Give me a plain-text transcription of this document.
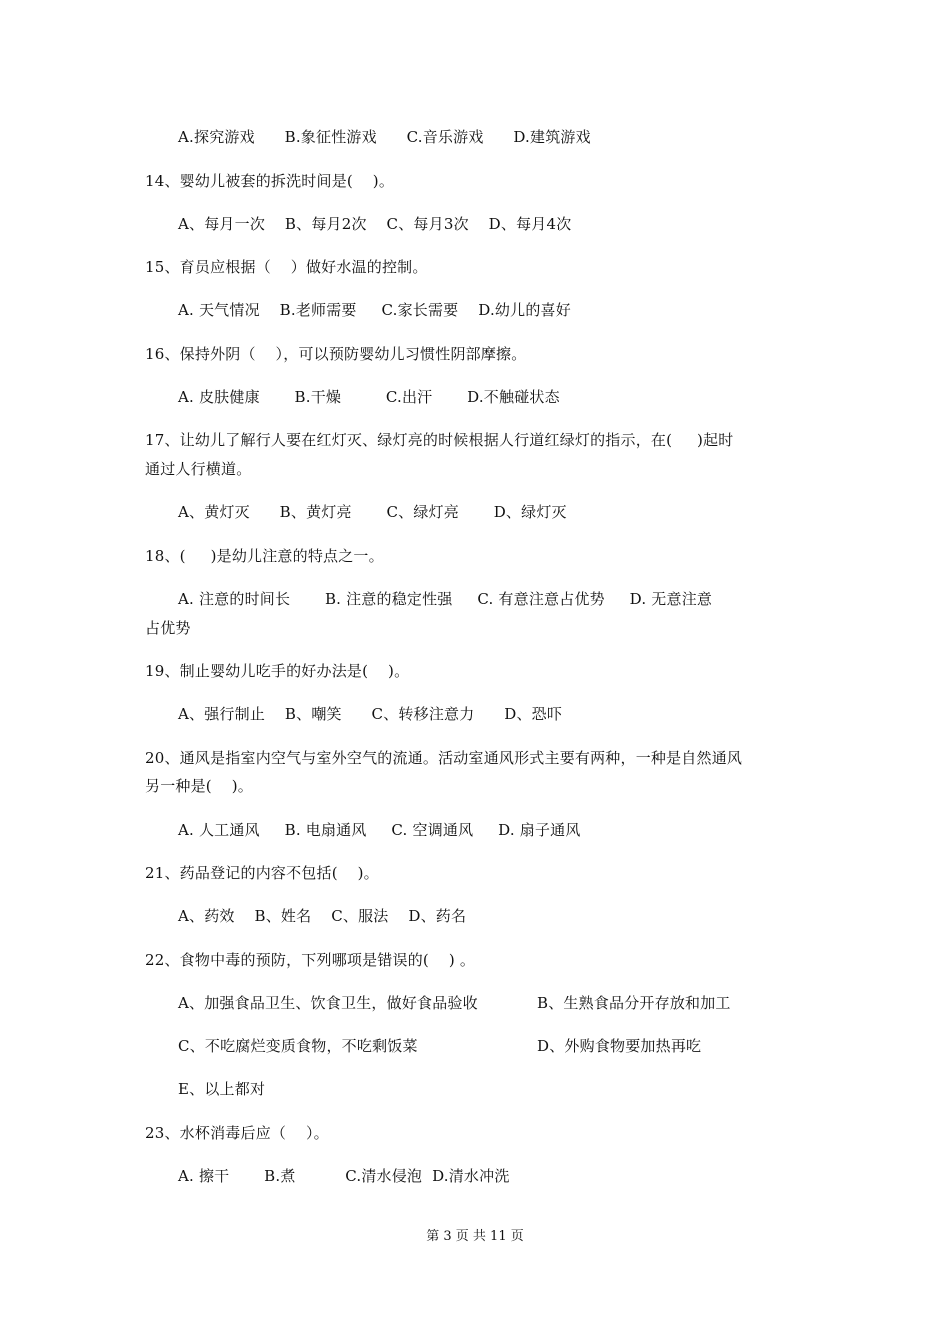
A.探究游戏      B.象征性游戏      C.音乐游戏      D.建筑游戏
14、婴幼儿被套的拆洗时间是(    )。
A、每月一次    B、每月2次    C、每月3次    D、每月4次
15、育员应根据（    ）做好水温的控制。
A. 天气情况    B.老师需要     C.家长需要    D.幼儿的喜好
16、保持外阴（    ），可以预防婴幼儿习惯性阴部摩擦。
A. 皮肤健康       B.干燥         C.出汗       D.不触碰状态
17、让幼儿了解行人要在红灯灭、绿灯亮的时候根据人行道红绿灯的指示，在(     )起时
通过人行横道。
A、黄灯灭      B、黄灯亮       C、绿灯亮       D、绿灯灭
18、(     )是幼儿注意的特点之一。
A. 注意的时间长       B. 注意的稳定性强     C. 有意注意占优势     D. 无意注意
占优势
19、制止婴幼儿吃手的好办法是(    )。
A、强行制止    B、嘲笑      C、转移注意力      D、恐吓
20、通风是指室内空气与室外空气的流通。活动室通风形式主要有两种，一种是自然通风
另一种是(    )。
A. 人工通风     B. 电扇通风     C. 空调通风     D. 扇子通风
21、药品登记的内容不包括(    )。
A、药效    B、姓名    C、服法    D、药名
22、食物中毒的预防，下列哪项是错误的(    ) 。
A、加强食品卫生、饮食卫生，做好食品验收	B、生熟食品分开存放和加工
C、不吃腐烂变质食物，不吃剩饭菜	D、外购食物要加热再吃
E、以上都对
23、水杯消毒后应（    ）。
A. 擦干       B.煮          C.清水侵泡  D.清水冲洗
第 3 页 共 11 页
